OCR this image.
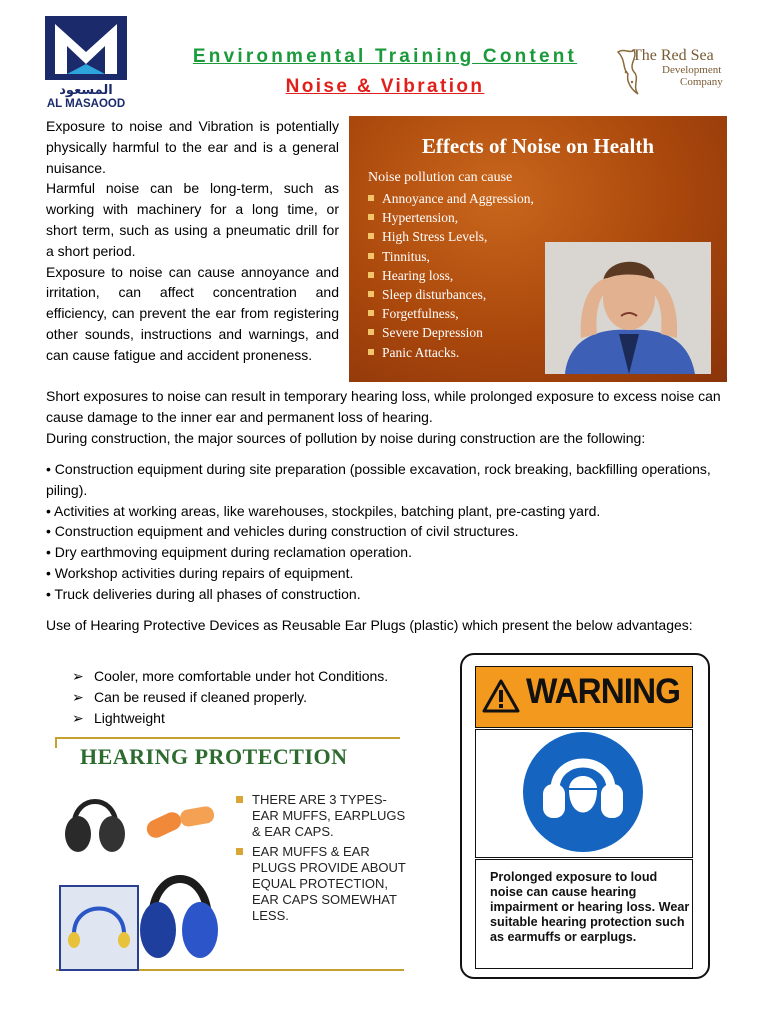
المسعود
AL MASAOOD
Environmental Training Content
Noise & Vibration
The Red Sea
Development
Company

Exposure to noise and Vibration is potentially physically harmful to the ear and is a general nuisance.

Harmful noise can be long-term, such as working with machinery for a long time, or short term, such as using a pneumatic drill for a short period.

Exposure to noise can cause annoyance and irritation, can affect concentration and efficiency, can prevent the ear from registering other sounds, instructions and warnings, and can cause fatigue and accident proneness.

Effects of Noise on Health
Noise pollution can cause
Annoyance and Aggression,
Hypertension,
High Stress Levels,
Tinnitus,
Hearing loss,
Sleep disturbances,
Forgetfulness,
Severe Depression
Panic Attacks.

Short exposures to noise can result in temporary hearing loss, while prolonged exposure to excess noise can cause damage to the inner ear and permanent loss of hearing.

During construction, the major sources of pollution by noise during construction are the following:

• Construction equipment during site preparation (possible excavation, rock breaking, backfilling operations, piling).
• Activities at working areas, like warehouses, stockpiles, batching plant, pre-casting yard.
• Construction equipment and vehicles during construction of civil structures.
• Dry earthmoving equipment during reclamation operation.
• Workshop activities during repairs of equipment.
• Truck deliveries during all phases of construction.
Use of Hearing Protective Devices as Reusable Ear Plugs (plastic) which present the below advantages:
➢ Cooler, more comfortable under hot Conditions.
➢ Can be reused if cleaned properly.
➢ Lightweight
HEARING PROTECTION
THERE ARE 3 TYPES- EAR MUFFS, EARPLUGS & EAR CAPS.
EAR MUFFS & EAR PLUGS PROVIDE ABOUT EQUAL PROTECTION, EAR CAPS SOMEWHAT LESS.
WARNING
Prolonged exposure to loud noise can cause hearing impairment or hearing loss. Wear suitable hearing protection such as earmuffs or earplugs.
